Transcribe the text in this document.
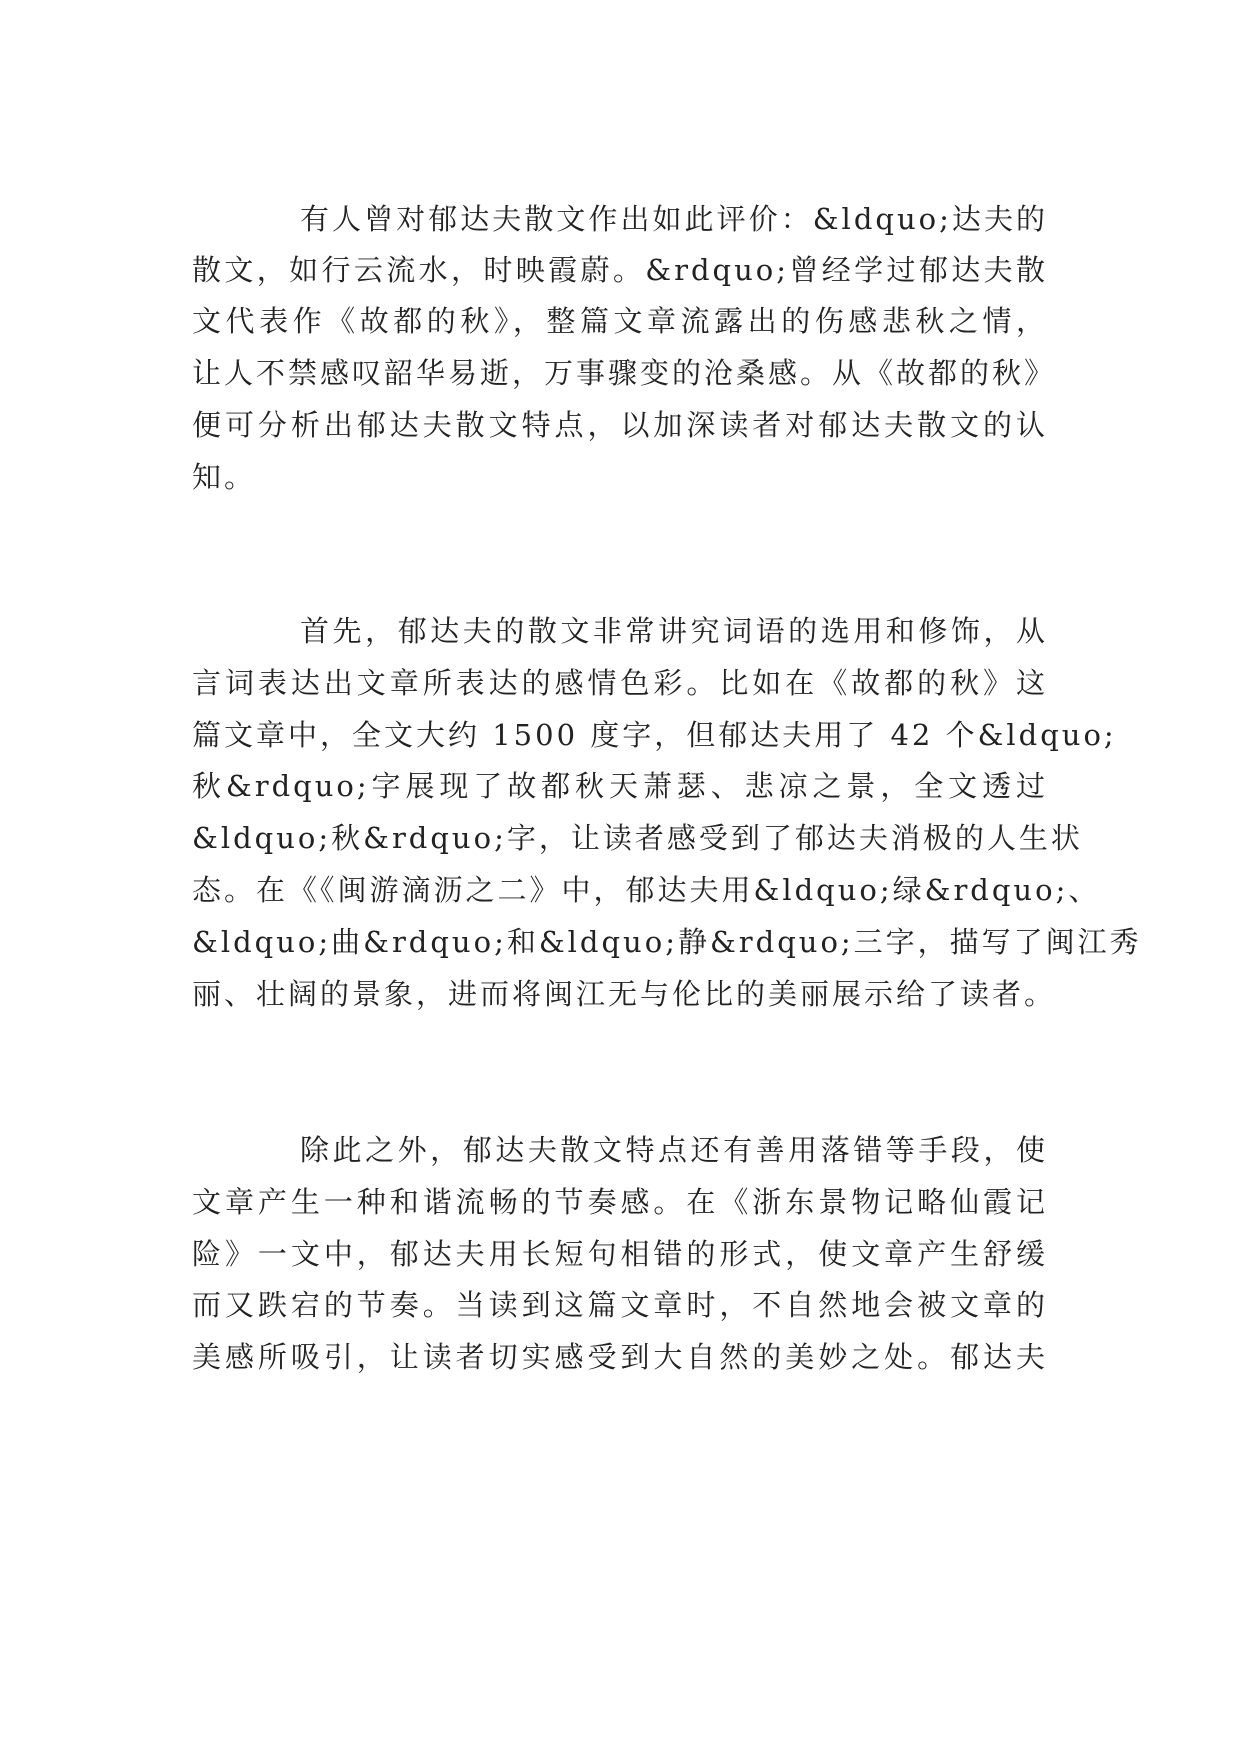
有人曾对郁达夫散文作出如此评价：&ldquo;达夫的
散文，如行云流水，时映霞蔚。&rdquo;曾经学过郁达夫散
文代表作《故都的秋》，整篇文章流露出的伤感悲秋之情，
让人不禁感叹韶华易逝，万事骤变的沧桑感。从《故都的秋》
便可分析出郁达夫散文特点，以加深读者对郁达夫散文的认
知。
首先，郁达夫的散文非常讲究词语的选用和修饰，从
言词表达出文章所表达的感情色彩。比如在《故都的秋》这
篇文章中，全文大约 1500 度字，但郁达夫用了 42 个&ldquo;
秋&rdquo;字展现了故都秋天萧瑟、悲凉之景，全文透过
&ldquo;秋&rdquo;字，让读者感受到了郁达夫消极的人生状
态。在《《闽游滴沥之二》中，郁达夫用&ldquo;绿&rdquo;、
&ldquo;曲&rdquo;和&ldquo;静&rdquo;三字，描写了闽江秀
丽、壮阔的景象，进而将闽江无与伦比的美丽展示给了读者。
除此之外，郁达夫散文特点还有善用落错等手段，使
文章产生一种和谐流畅的节奏感。在《浙东景物记略仙霞记
险》一文中，郁达夫用长短句相错的形式，使文章产生舒缓
而又跌宕的节奏。当读到这篇文章时，不自然地会被文章的
美感所吸引，让读者切实感受到大自然的美妙之处。郁达夫
